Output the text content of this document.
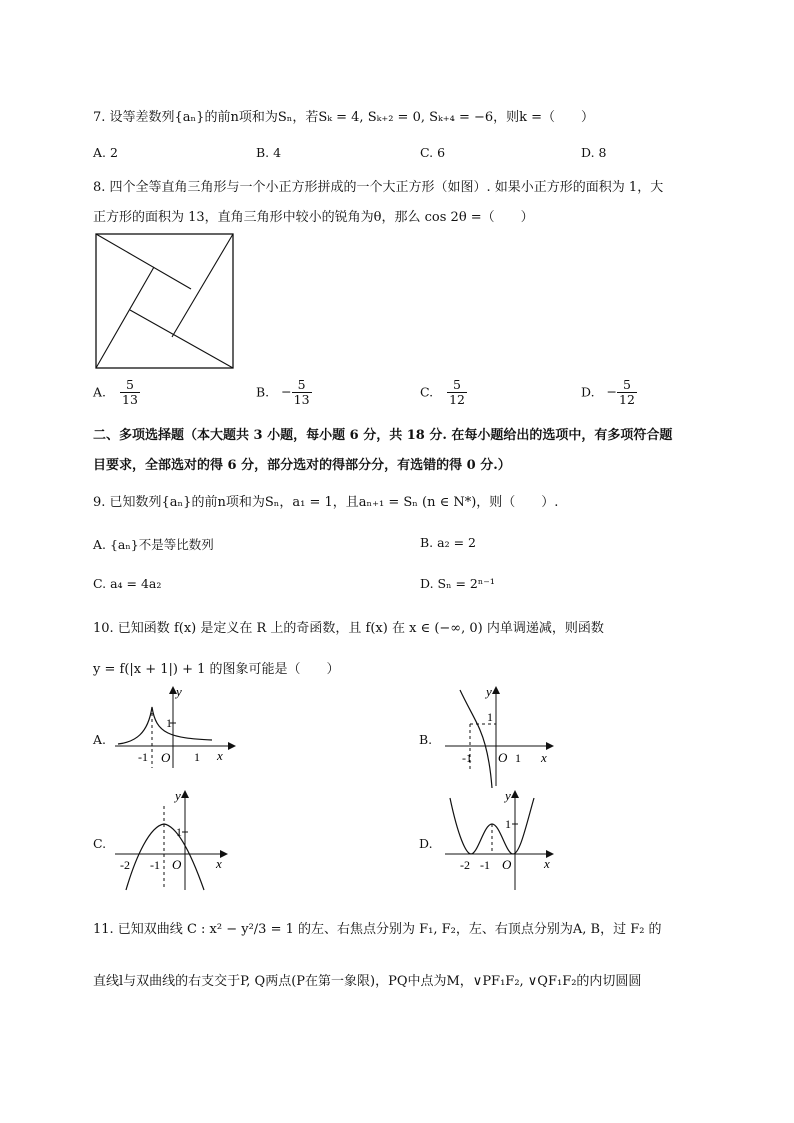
7. 设等差数列{aₙ}的前n项和为Sₙ，若Sₖ = 4, Sₖ₊₂ = 0, Sₖ₊₄ = −6，则k =（　　）
A. 2	B. 4	C. 6	D. 8
8. 四个全等直角三角形与一个小正方形拼成的一个大正方形（如图）. 如果小正方形的面积为 1，大
正方形的面积为 13，直角三角形中较小的锐角为θ，那么 cos 2θ =（　　）
A. $\frac{5}{13}$	B. − $\frac{5}{13}$	C. $\frac{5}{12}$	D. − $\frac{5}{12}$
二、多项选择题（本大题共 3 小题，每小题 6 分，共 18 分. 在每小题给出的选项中，有多项符合题
目要求，全部选对的得 6 分，部分选对的得部分分，有选错的得 0 分.）
9. 已知数列{aₙ}的前n项和为Sₙ，a₁ = 1，且aₙ₊₁ = Sₙ (n ∈ N*)，则（　　）.
A. {aₙ}不是等比数列	B. a₂ = 2
C. a₄ = 4a₂	D. Sₙ = 2ⁿ⁻¹
10. 已知函数 f(x) 是定义在 R 上的奇函数，且 f(x) 在 x ∈ (−∞, 0) 内单调递减，则函数
y = f(|x + 1|) + 1 的图象可能是（　　）
A.	B.
C.	D.
y
1
-1 O 1 x
y
1
-1 O 1 x
y
1
-2 -1 O	x
y
1
-2 -1 O	x
11. 已知双曲线 C : x² − y²/3 = 1 的左、右焦点分别为 F₁, F₂，左、右顶点分别为A, B，过 F₂ 的
直线l与双曲线的右支交于P, Q两点(P在第一象限)，PQ中点为M，∨PF₁F₂, ∨QF₁F₂的内切圆圆
